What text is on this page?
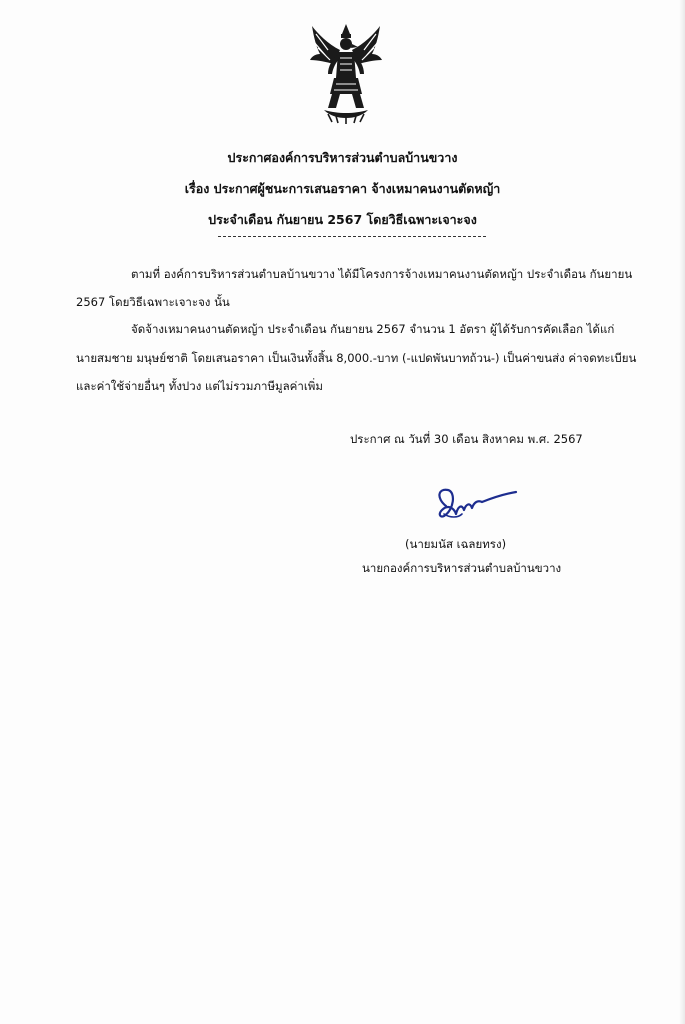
ประกาศองค์การบริหารส่วนตำบลบ้านขวาง
เรื่อง ประกาศผู้ชนะการเสนอราคา จ้างเหมาคนงานตัดหญ้า
ประจำเดือน กันยายน 2567 โดยวิธีเฉพาะเจาะจง
ตามที่ องค์การบริหารส่วนตำบลบ้านขวาง ได้มีโครงการจ้างเหมาคนงานตัดหญ้า ประจำเดือน กันยายน
2567 โดยวิธีเฉพาะเจาะจง นั้น
จัดจ้างเหมาคนงานตัดหญ้า ประจำเดือน กันยายน 2567 จำนวน 1 อัตรา ผู้ได้รับการคัดเลือก ได้แก่
นายสมชาย มนุษย์ชาติ โดยเสนอราคา เป็นเงินทั้งสิ้น 8,000.-บาท (-แปดพันบาทถ้วน-) เป็นค่าขนส่ง ค่าจดทะเบียน
และค่าใช้จ่ายอื่นๆ ทั้งปวง แต่ไม่รวมภาษีมูลค่าเพิ่ม
ประกาศ ณ วันที่ 30 เดือน สิงหาคม พ.ศ. 2567
(นายมนัส เฉลยทรง)
นายกองค์การบริหารส่วนตำบลบ้านขวาง
